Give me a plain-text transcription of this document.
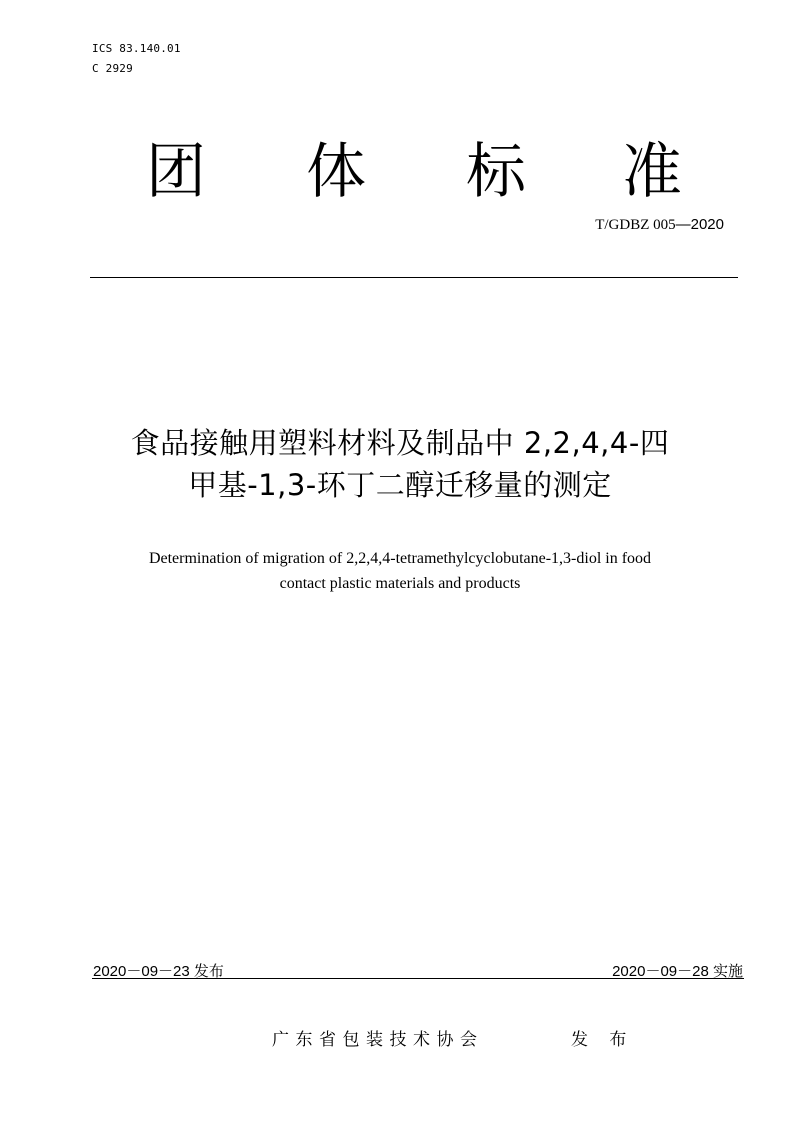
ICS 83.140.01
C 2929
团 体 标 准
T/GDBZ 005—2020
食品接触用塑料材料及制品中 2,2,4,4-四
甲基-1,3-环丁二醇迁移量的测定
Determination of migration of 2,2,4,4-tetramethylcyclobutane-1,3-diol in food
contact plastic materials and products
2020－09－23 发布	2020－09－28 实施
广东省包装技术协会	发 布
